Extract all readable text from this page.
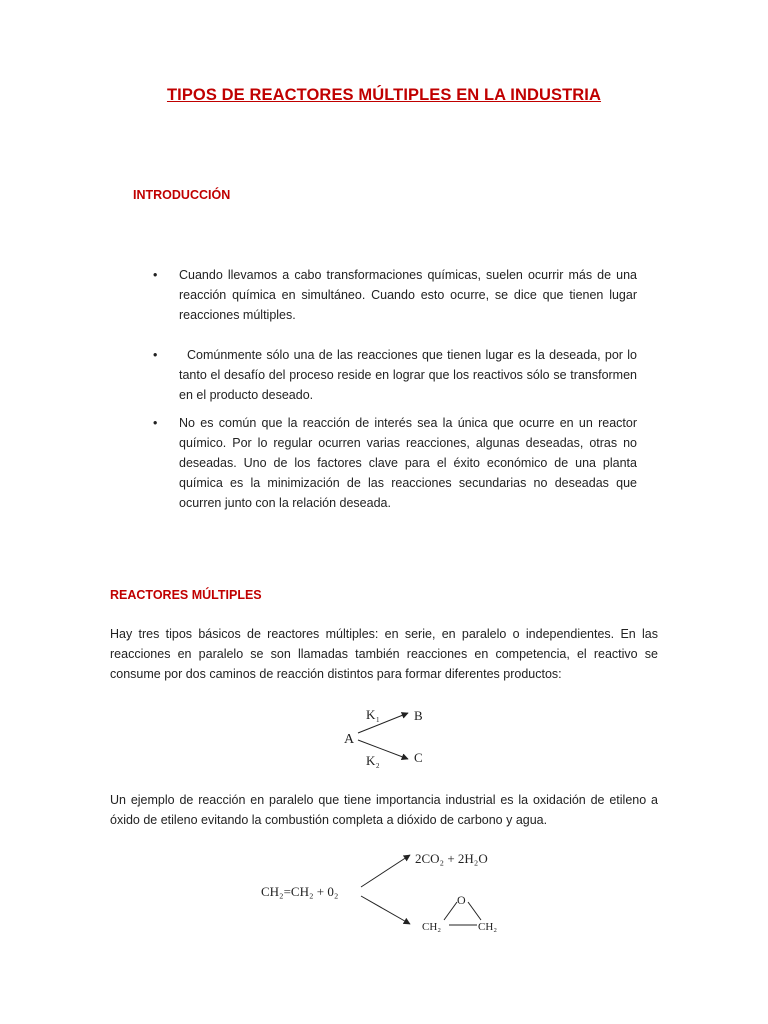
TIPOS DE REACTORES MÚLTIPLES EN LA INDUSTRIA
INTRODUCCIÓN
• Cuando llevamos a cabo transformaciones químicas, suelen ocurrir más de una reacción química en simultáneo. Cuando esto ocurre, se dice que tienen lugar reacciones múltiples.
•	Comúnmente sólo una de las reacciones que tienen lugar es la deseada, por lo tanto el desafío del proceso reside en lograr que los reactivos sólo se transformen en el producto deseado.
• No es común que la reacción de interés sea la única que ocurre en un reactor químico. Por lo regular ocurren varias reacciones, algunas deseadas, otras no deseadas. Uno de los factores clave para el éxito económico de una planta química es la minimización de las reacciones secundarias no deseadas que ocurren junto con la relación deseada.
REACTORES MÚLTIPLES
Hay tres tipos básicos de reactores múltiples: en serie, en paralelo o independientes. En las reacciones en paralelo se son llamadas también reacciones en competencia, el reactivo se consume por dos caminos de reacción distintos para formar diferentes productos:
A
K 1
K 2
B
C
Un ejemplo de reacción en paralelo que tiene importancia industrial es la oxidación de etileno a óxido de etileno evitando la combustión completa a dióxido de carbono y agua.
CH₂=CH₂ + 0₂
2CO₂ + 2H₂O
O
CH₂	CH₂
